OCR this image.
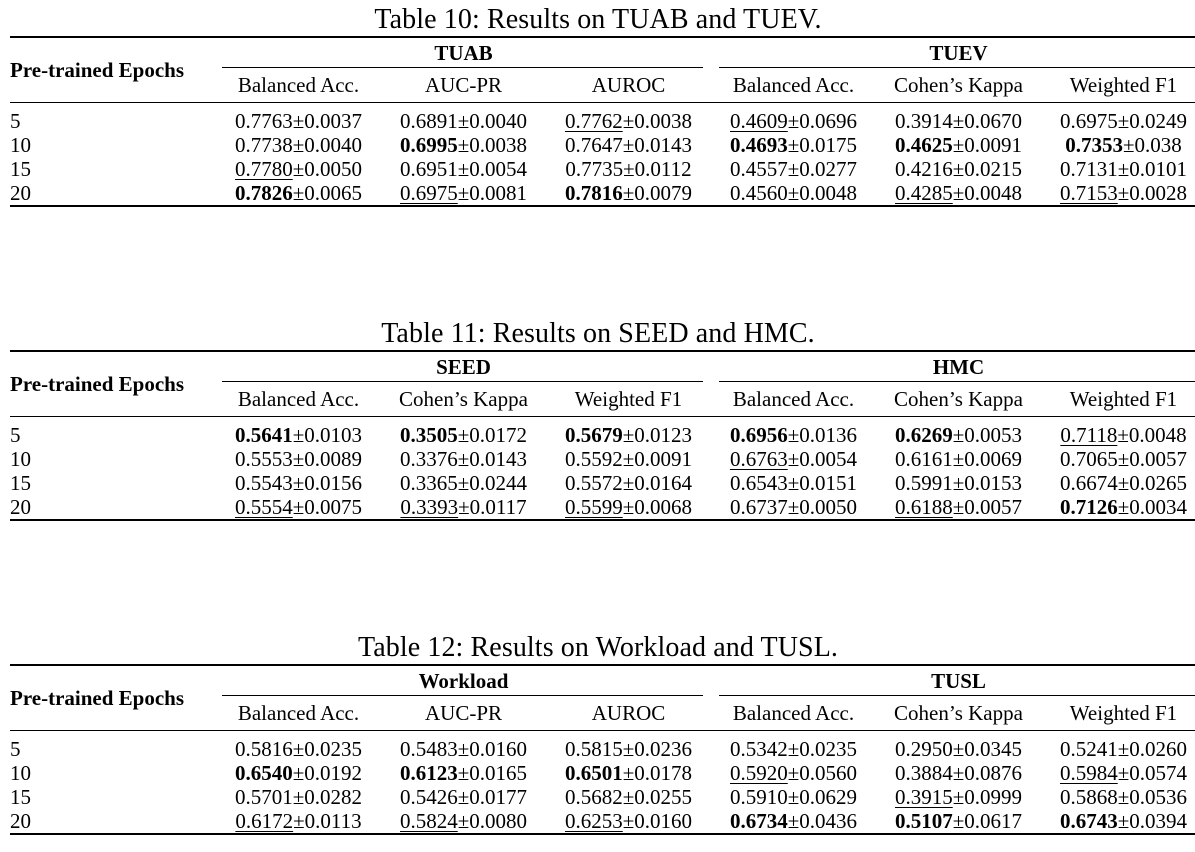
Table 10: Results on TUAB and TUEV.

Pre-trained Epochs	TUAB			TUEV		

	Balanced Acc.	AUC-PR	AUROC	Balanced Acc.	Cohen’s Kappa	Weighted F1

5	0.7763±0.0037	0.6891±0.0040	0.7762±0.0038	0.4609±0.0696	0.3914±0.0670	0.6975±0.0249
10	0.7738±0.0040	0.6995±0.0038	0.7647±0.0143	0.4693±0.0175	0.4625±0.0091	0.7353±0.038
15	0.7780±0.0050	0.6951±0.0054	0.7735±0.0112	0.4557±0.0277	0.4216±0.0215	0.7131±0.0101
20	0.7826±0.0065	0.6975±0.0081	0.7816±0.0079	0.4560±0.0048	0.4285±0.0048	0.7153±0.0028

Table 11: Results on SEED and HMC.

Pre-trained Epochs	SEED			HMC		

	Balanced Acc.	Cohen’s Kappa	Weighted F1	Balanced Acc.	Cohen’s Kappa	Weighted F1

5	0.5641±0.0103	0.3505±0.0172	0.5679±0.0123	0.6956±0.0136	0.6269±0.0053	0.7118±0.0048
10	0.5553±0.0089	0.3376±0.0143	0.5592±0.0091	0.6763±0.0054	0.6161±0.0069	0.7065±0.0057
15	0.5543±0.0156	0.3365±0.0244	0.5572±0.0164	0.6543±0.0151	0.5991±0.0153	0.6674±0.0265
20	0.5554±0.0075	0.3393±0.0117	0.5599±0.0068	0.6737±0.0050	0.6188±0.0057	0.7126±0.0034

Table 12: Results on Workload and TUSL.

Pre-trained Epochs	Workload			TUSL		

	Balanced Acc.	AUC-PR	AUROC	Balanced Acc.	Cohen’s Kappa	Weighted F1

5	0.5816±0.0235	0.5483±0.0160	0.5815±0.0236	0.5342±0.0235	0.2950±0.0345	0.5241±0.0260
10	0.6540±0.0192	0.6123±0.0165	0.6501±0.0178	0.5920±0.0560	0.3884±0.0876	0.5984±0.0574
15	0.5701±0.0282	0.5426±0.0177	0.5682±0.0255	0.5910±0.0629	0.3915±0.0999	0.5868±0.0536
20	0.6172±0.0113	0.5824±0.0080	0.6253±0.0160	0.6734±0.0436	0.5107±0.0617	0.6743±0.0394
